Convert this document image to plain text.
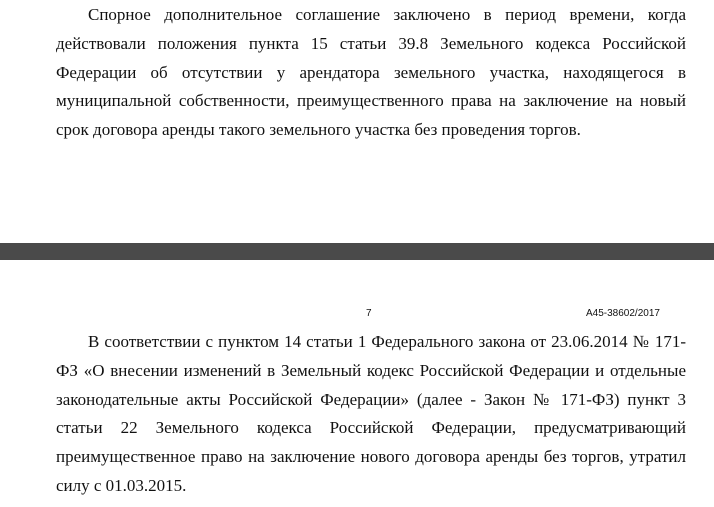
Спорное дополнительное соглашение заключено в период времени, когда действовали положения пункта 15 статьи 39.8 Земельного кодекса Российской Федерации об отсутствии у арендатора земельного участка, находящегося в муниципальной собственности, преимущественного права на заключение на новый срок договора аренды такого земельного участка без проведения торгов.

7	А45-38602/2017

В соответствии с пунктом 14 статьи 1 Федерального закона от 23.06.2014 № 171-ФЗ «О внесении изменений в Земельный кодекс Российской Федерации и отдельные законодательные акты Российской Федерации» (далее - Закон № 171-ФЗ) пункт 3 статьи 22 Земельного кодекса Российской Федерации, предусматривающий преимущественное право на заключение нового договора аренды без торгов, утратил силу с 01.03.2015.
